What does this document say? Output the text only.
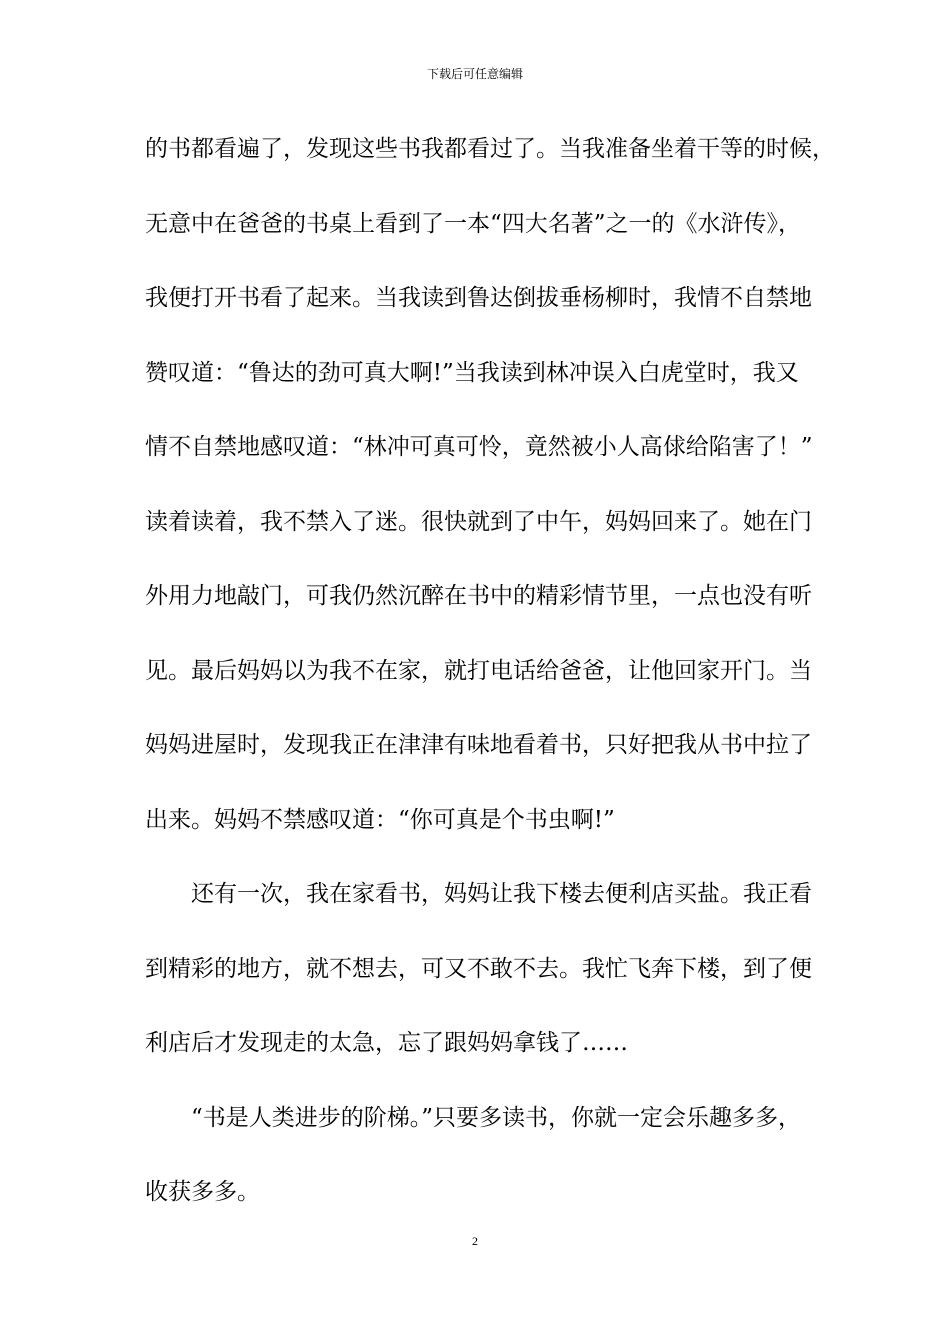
下载后可任意编辑
的书都看遍了，发现这些书我都看过了。当我准备坐着干等的时候，
无意中在爸爸的书桌上看到了一本“四大名著”之一的《水浒传》，
我便打开书看了起来。当我读到鲁达倒拔垂杨柳时，我情不自禁地
赞叹道：“鲁达的劲可真大啊!”当我读到林冲误入白虎堂时，我又
情不自禁地感叹道：“林冲可真可怜，竟然被小人高俅给陷害了！”
读着读着，我不禁入了迷。很快就到了中午，妈妈回来了。她在门
外用力地敲门，可我仍然沉醉在书中的精彩情节里，一点也没有听
见。最后妈妈以为我不在家，就打电话给爸爸，让他回家开门。当
妈妈进屋时，发现我正在津津有味地看着书，只好把我从书中拉了
出来。妈妈不禁感叹道：“你可真是个书虫啊!”
还有一次，我在家看书，妈妈让我下楼去便利店买盐。我正看
到精彩的地方，就不想去，可又不敢不去。我忙飞奔下楼，到了便
利店后才发现走的太急，忘了跟妈妈拿钱了……
“书是人类进步的阶梯。”只要多读书，你就一定会乐趣多多，
收获多多。
2
